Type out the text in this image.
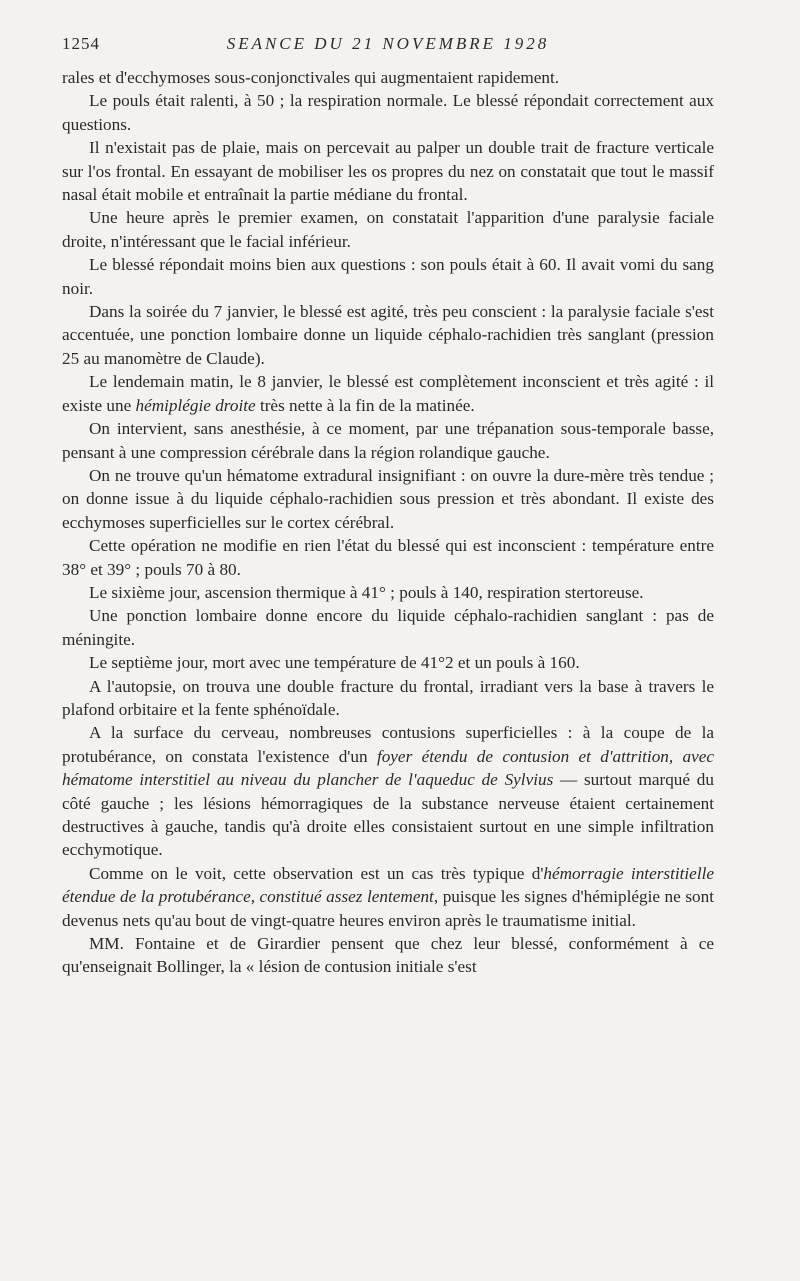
1254	SEANCE DU 21 NOVEMBRE 1928

rales et d'ecchymoses sous-conjonctivales qui augmentaient rapidement.

Le pouls était ralenti, à 50 ; la respiration normale. Le blessé répondait correctement aux questions.

Il n'existait pas de plaie, mais on percevait au palper un double trait de fracture verticale sur l'os frontal. En essayant de mobiliser les os propres du nez on constatait que tout le massif nasal était mobile et entraînait la partie médiane du frontal.

Une heure après le premier examen, on constatait l'apparition d'une paralysie faciale droite, n'intéressant que le facial inférieur.

Le blessé répondait moins bien aux questions : son pouls était à 60. Il avait vomi du sang noir.

Dans la soirée du 7 janvier, le blessé est agité, très peu conscient : la paralysie faciale s'est accentuée, une ponction lombaire donne un liquide céphalo-rachidien très sanglant (pression 25 au manomètre de Claude).

Le lendemain matin, le 8 janvier, le blessé est complètement inconscient et très agité : il existe une hémiplégie droite très nette à la fin de la matinée.

On intervient, sans anesthésie, à ce moment, par une trépanation sous-temporale basse, pensant à une compression cérébrale dans la région rolandique gauche.

On ne trouve qu'un hématome extradural insignifiant : on ouvre la dure-mère très tendue ; on donne issue à du liquide céphalo-rachidien sous pression et très abondant. Il existe des ecchymoses superficielles sur le cortex cérébral.

Cette opération ne modifie en rien l'état du blessé qui est inconscient : température entre 38° et 39° ; pouls 70 à 80.

Le sixième jour, ascension thermique à 41° ; pouls à 140, respiration stertoreuse.

Une ponction lombaire donne encore du liquide céphalo-rachidien sanglant : pas de méningite.

Le septième jour, mort avec une température de 41°2 et un pouls à 160.

A l'autopsie, on trouva une double fracture du frontal, irradiant vers la base à travers le plafond orbitaire et la fente sphénoïdale.

A la surface du cerveau, nombreuses contusions superficielles : à la coupe de la protubérance, on constata l'existence d'un foyer étendu de contusion et d'attrition, avec hématome interstitiel au niveau du plancher de l'aqueduc de Sylvius — surtout marqué du côté gauche ; les lésions hémorragiques de la substance nerveuse étaient certainement destructives à gauche, tandis qu'à droite elles consistaient surtout en une simple infiltration ecchymotique.

Comme on le voit, cette observation est un cas très typique d'hémorragie interstitielle étendue de la protubérance, constitué assez lentement, puisque les signes d'hémiplégie ne sont devenus nets qu'au bout de vingt-quatre heures environ après le traumatisme initial.

MM. Fontaine et de Girardier pensent que chez leur blessé, conformément à ce qu'enseignait Bollinger, la « lésion de contusion initiale s'est
